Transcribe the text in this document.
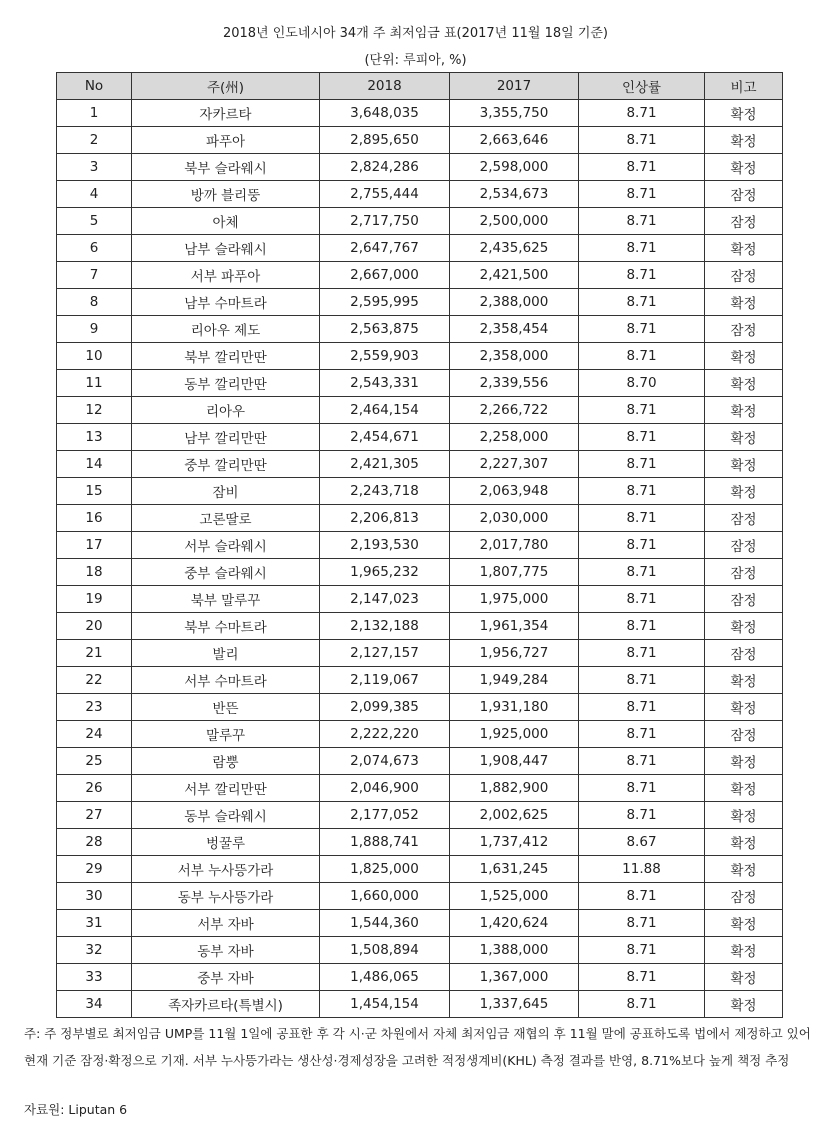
2018년 인도네시아 34개 주 최저임금 표(2017년 11월 18일 기준)
(단위: 루피아, %)
No	주(州)	2018	2017	인상률	비고
1	자카르타	3,648,035	3,355,750	8.71	확정
2	파푸아	2,895,650	2,663,646	8.71	확정
3	북부 슬라웨시	2,824,286	2,598,000	8.71	확정
4	방까 블리뚱	2,755,444	2,534,673	8.71	잠정
5	아체	2,717,750	2,500,000	8.71	잠정
6	남부 슬라웨시	2,647,767	2,435,625	8.71	확정
7	서부 파푸아	2,667,000	2,421,500	8.71	잠정
8	남부 수마트라	2,595,995	2,388,000	8.71	확정
9	리아우 제도	2,563,875	2,358,454	8.71	잠정
10	북부 깔리만딴	2,559,903	2,358,000	8.71	확정
11	동부 깔리만딴	2,543,331	2,339,556	8.70	확정
12	리아우	2,464,154	2,266,722	8.71	확정
13	남부 깔리만딴	2,454,671	2,258,000	8.71	확정
14	중부 깔리만딴	2,421,305	2,227,307	8.71	확정
15	잠비	2,243,718	2,063,948	8.71	확정
16	고론딸로	2,206,813	2,030,000	8.71	잠정
17	서부 슬라웨시	2,193,530	2,017,780	8.71	잠정
18	중부 슬라웨시	1,965,232	1,807,775	8.71	잠정
19	북부 말루꾸	2,147,023	1,975,000	8.71	잠정
20	북부 수마트라	2,132,188	1,961,354	8.71	확정
21	발리	2,127,157	1,956,727	8.71	잠정
22	서부 수마트라	2,119,067	1,949,284	8.71	확정
23	반뜬	2,099,385	1,931,180	8.71	확정
24	말루꾸	2,222,220	1,925,000	8.71	잠정
25	람뿡	2,074,673	1,908,447	8.71	확정
26	서부 깔리만딴	2,046,900	1,882,900	8.71	확정
27	동부 슬라웨시	2,177,052	2,002,625	8.71	확정
28	벙꿀루	1,888,741	1,737,412	8.67	확정
29	서부 누사뜽가라	1,825,000	1,631,245	11.88	확정
30	동부 누사뜽가라	1,660,000	1,525,000	8.71	잠정
31	서부 자바	1,544,360	1,420,624	8.71	확정
32	동부 자바	1,508,894	1,388,000	8.71	확정
33	중부 자바	1,486,065	1,367,000	8.71	확정
34	족자카르타(특별시)	1,454,154	1,337,645	8.71	확정
주: 주 정부별로 최저임금 UMP를 11월 1일에 공표한 후 각 시·군 차원에서 자체 최저임금 재협의 후 11월 말에 공표하도록 법에서 제정하고 있어 현재 기준 잠정·확정으로 기재. 서부 누사뜽가라는 생산성·경제성장을 고려한 적정생계비(KHL) 측정 결과를 반영, 8.71%보다 높게 책정 추정
자료원: Liputan 6
